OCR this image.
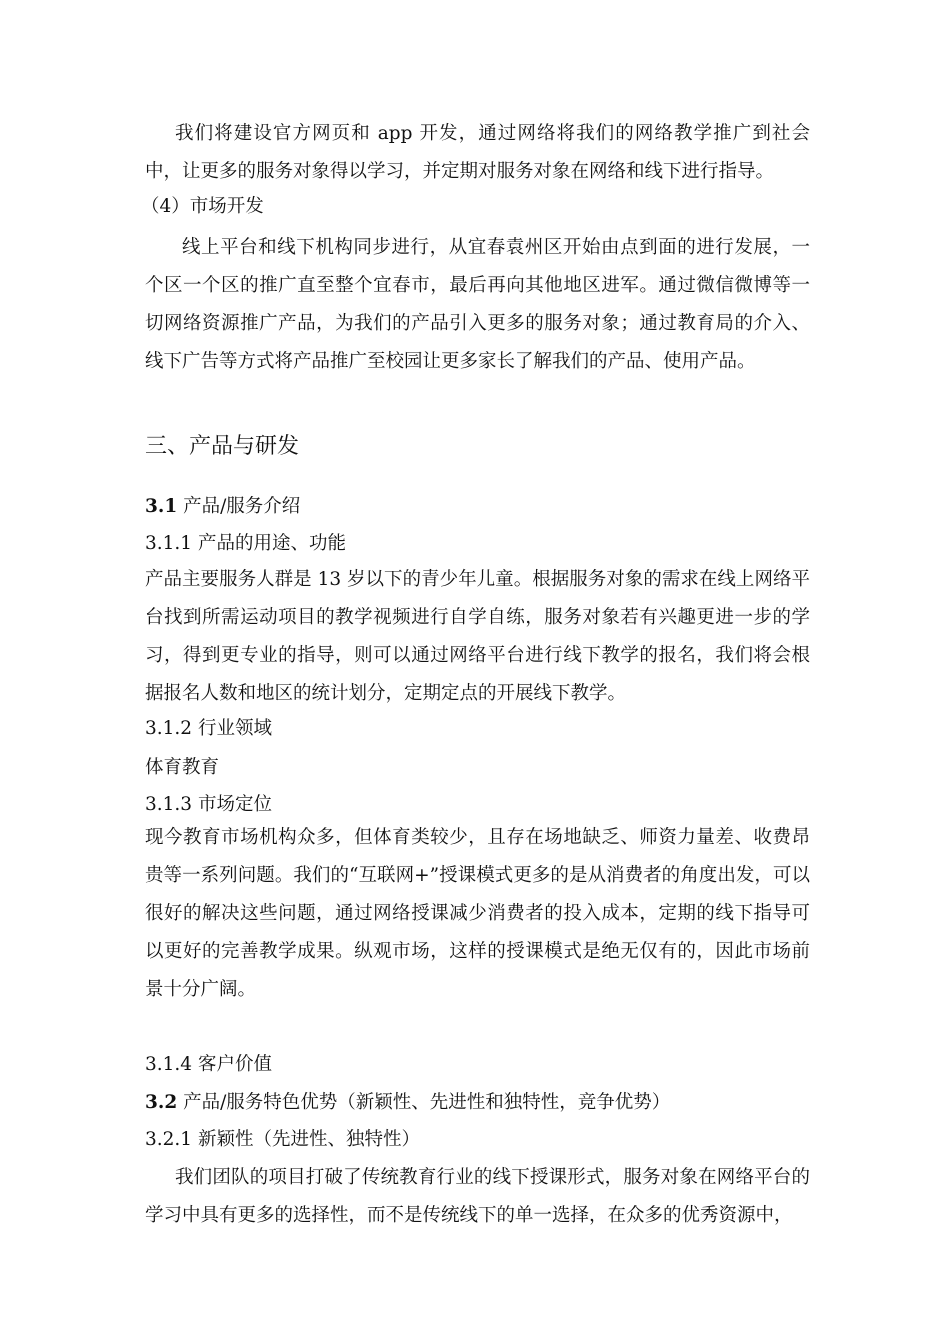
我们将建设官方网页和 app 开发，通过网络将我们的网络教学推广到社会中，让更多的服务对象得以学习，并定期对服务对象在网络和线下进行指导。

（4）市场开发

线上平台和线下机构同步进行，从宜春袁州区开始由点到面的进行发展，一个区一个区的推广直至整个宜春市，最后再向其他地区进军。通过微信微博等一切网络资源推广产品，为我们的产品引入更多的服务对象；通过教育局的介入、线下广告等方式将产品推广至校园让更多家长了解我们的产品、使用产品。

三、产品与研发
3.1 产品/服务介绍
3.1.1 产品的用途、功能

产品主要服务人群是 13 岁以下的青少年儿童。根据服务对象的需求在线上网络平台找到所需运动项目的教学视频进行自学自练，服务对象若有兴趣更进一步的学习，得到更专业的指导，则可以通过网络平台进行线下教学的报名，我们将会根据报名人数和地区的统计划分，定期定点的开展线下教学。

3.1.2 行业领域
体育教育
3.1.3 市场定位

现今教育市场机构众多，但体育类较少，且存在场地缺乏、师资力量差、收费昂贵等一系列问题。我们的“互联网+”授课模式更多的是从消费者的角度出发，可以很好的解决这些问题，通过网络授课减少消费者的投入成本，定期的线下指导可以更好的完善教学成果。纵观市场，这样的授课模式是绝无仅有的，因此市场前景十分广阔。

3.1.4 客户价值
3.2 产品/服务特色优势（新颖性、先进性和独特性，竞争优势）
3.2.1 新颖性（先进性、独特性）

我们团队的项目打破了传统教育行业的线下授课形式，服务对象在网络平台的学习中具有更多的选择性，而不是传统线下的单一选择，在众多的优秀资源中，
